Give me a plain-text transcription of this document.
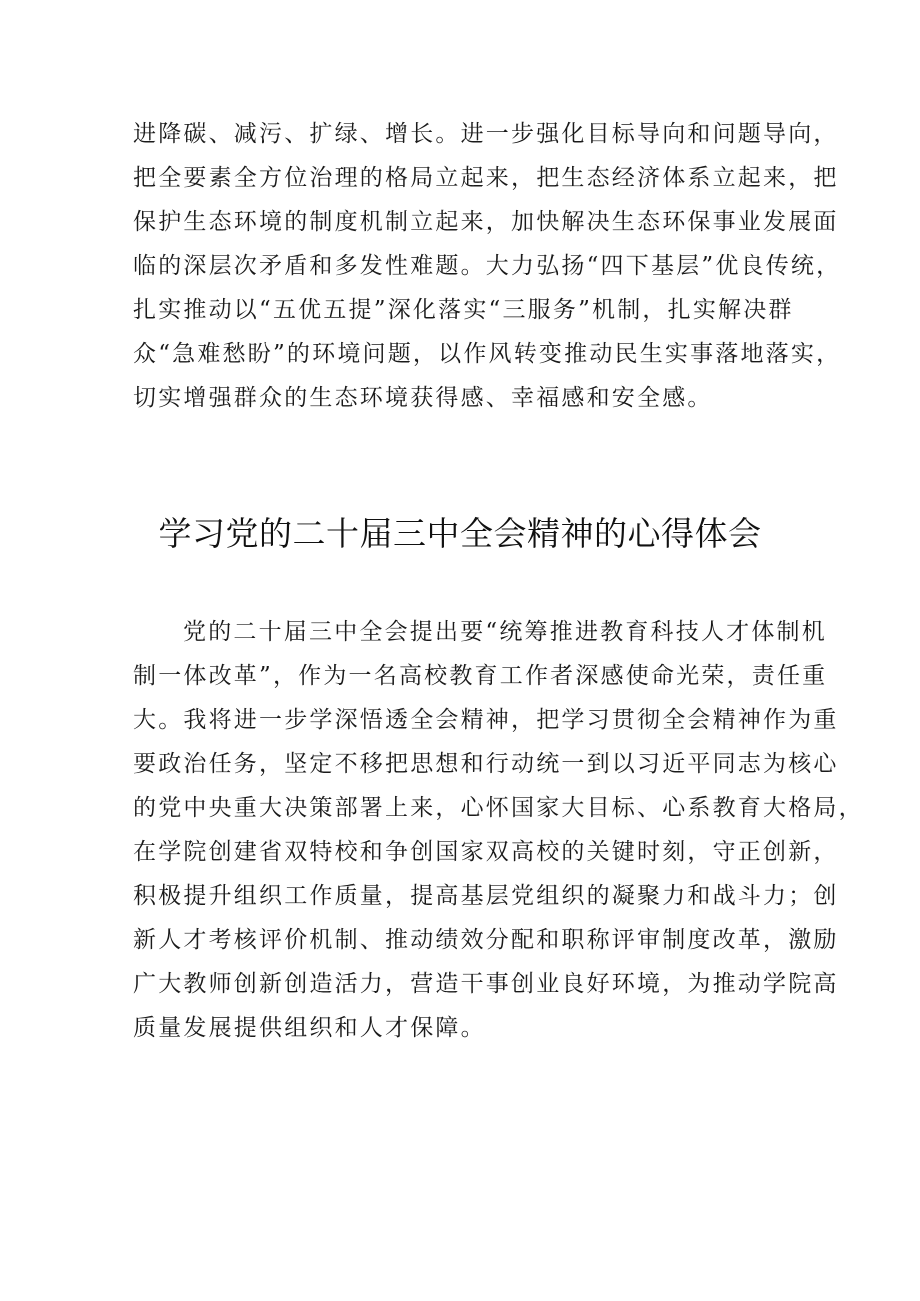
进降碳、减污、扩绿、增长。进一步强化目标导向和问题导向，
把全要素全方位治理的格局立起来，把生态经济体系立起来，把
保护生态环境的制度机制立起来，加快解决生态环保事业发展面
临的深层次矛盾和多发性难题。大力弘扬“四下基层”优良传统，
扎实推动以“五优五提”深化落实“三服务”机制，扎实解决群
众“急难愁盼”的环境问题，以作风转变推动民生实事落地落实，
切实增强群众的生态环境获得感、幸福感和安全感。
学习党的二十届三中全会精神的心得体会
党的二十届三中全会提出要“统筹推进教育科技人才体制机
制一体改革”，作为一名高校教育工作者深感使命光荣，责任重
大。我将进一步学深悟透全会精神，把学习贯彻全会精神作为重
要政治任务，坚定不移把思想和行动统一到以习近平同志为核心
的党中央重大决策部署上来，心怀国家大目标、心系教育大格局，
在学院创建省双特校和争创国家双高校的关键时刻，守正创新，
积极提升组织工作质量，提高基层党组织的凝聚力和战斗力；创
新人才考核评价机制、推动绩效分配和职称评审制度改革，激励
广大教师创新创造活力，营造干事创业良好环境，为推动学院高
质量发展提供组织和人才保障。
